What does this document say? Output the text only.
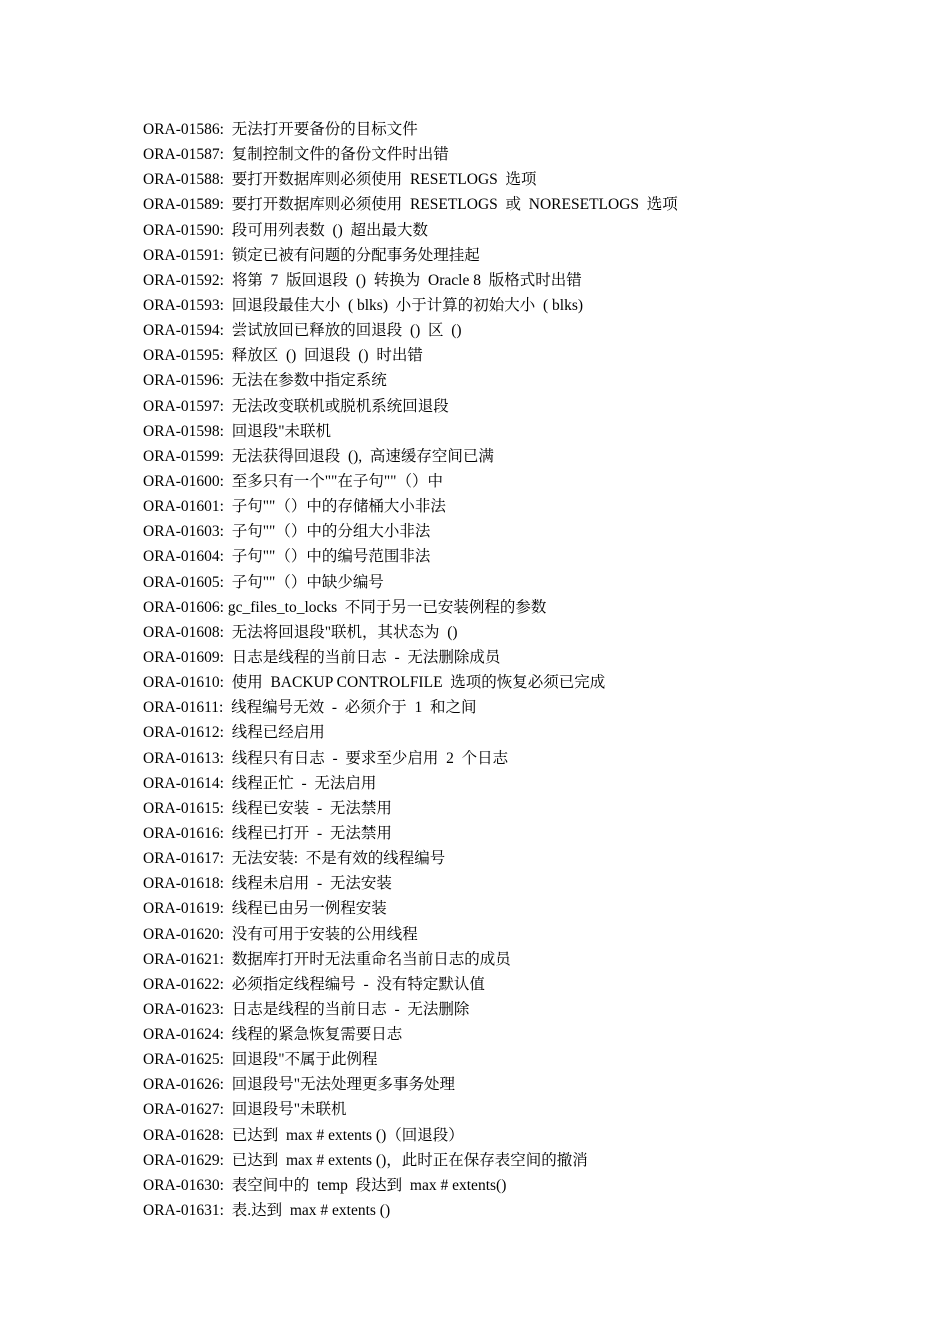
ORA-01586:  无法打开要备份的目标文件
ORA-01587:  复制控制文件的备份文件时出错
ORA-01588:  要打开数据库则必须使用  RESETLOGS  选项
ORA-01589:  要打开数据库则必须使用  RESETLOGS  或  NORESETLOGS  选项
ORA-01590:  段可用列表数  ()  超出最大数
ORA-01591:  锁定已被有问题的分配事务处理挂起
ORA-01592:  将第  7  版回退段  ()  转换为  Oracle 8  版格式时出错
ORA-01593:  回退段最佳大小  ( blks)  小于计算的初始大小  ( blks)
ORA-01594:  尝试放回已释放的回退段  ()  区  ()
ORA-01595:  释放区  ()  回退段  ()  时出错
ORA-01596:  无法在参数中指定系统
ORA-01597:  无法改变联机或脱机系统回退段
ORA-01598:  回退段"未联机
ORA-01599:  无法获得回退段  (),  高速缓存空间已满
ORA-01600:  至多只有一个""在子句""（）中
ORA-01601:  子句""（）中的存储桶大小非法
ORA-01603:  子句""（）中的分组大小非法
ORA-01604:  子句""（）中的编号范围非法
ORA-01605:  子句""（）中缺少编号
ORA-01606: gc_files_to_locks  不同于另一已安装例程的参数
ORA-01608:  无法将回退段"联机，其状态为  ()
ORA-01609:  日志是线程的当前日志  -  无法删除成员
ORA-01610:  使用  BACKUP CONTROLFILE  选项的恢复必须已完成
ORA-01611:  线程编号无效  -  必须介于  1  和之间
ORA-01612:  线程已经启用
ORA-01613:  线程只有日志  -  要求至少启用  2  个日志
ORA-01614:  线程正忙  -  无法启用
ORA-01615:  线程已安装  -  无法禁用
ORA-01616:  线程已打开  -  无法禁用
ORA-01617:  无法安装:  不是有效的线程编号
ORA-01618:  线程未启用  -  无法安装
ORA-01619:  线程已由另一例程安装
ORA-01620:  没有可用于安装的公用线程
ORA-01621:  数据库打开时无法重命名当前日志的成员
ORA-01622:  必须指定线程编号  -  没有特定默认值
ORA-01623:  日志是线程的当前日志  -  无法删除
ORA-01624:  线程的紧急恢复需要日志
ORA-01625:  回退段"不属于此例程
ORA-01626:  回退段号"无法处理更多事务处理
ORA-01627:  回退段号"未联机
ORA-01628:  已达到  max # extents ()（回退段）
ORA-01629:  已达到  max # extents ()，此时正在保存表空间的撤消
ORA-01630:  表空间中的  temp  段达到  max # extents()
ORA-01631:  表.达到  max # extents ()
